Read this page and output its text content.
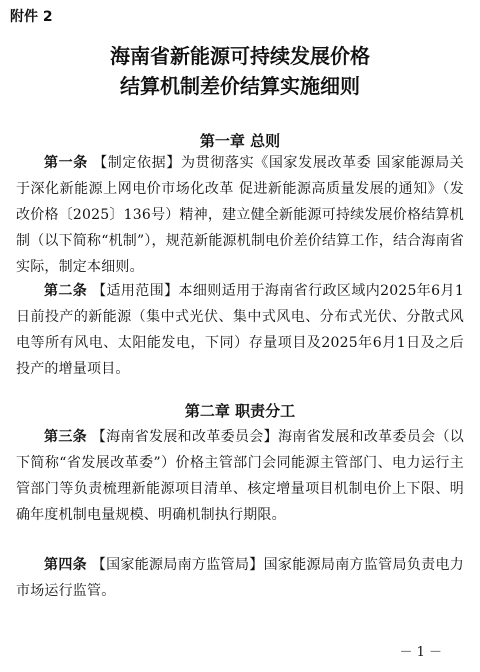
附件 2
海南省新能源可持续发展价格
结算机制差价结算实施细则
第一章 总则
第一条 【制定依据】为贯彻落实《国家发展改革委 国家能源局关于深化新能源上网电价市场化改革 促进新能源高质量发展的通知》（发改价格〔2025〕136号）精神，建立健全新能源可持续发展价格结算机制（以下简称“机制”），规范新能源机制电价差价结算工作，结合海南省实际，制定本细则。
第二条 【适用范围】本细则适用于海南省行政区域内2025年6月1日前投产的新能源（集中式光伏、集中式风电、分布式光伏、分散式风电等所有风电、太阳能发电，下同）存量项目及2025年6月1日及之后投产的增量项目。
第二章 职责分工
第三条 【海南省发展和改革委员会】海南省发展和改革委员会（以下简称“省发展改革委”）价格主管部门会同能源主管部门、电力运行主管部门等负责梳理新能源项目清单、核定增量项目机制电价上下限、明确年度机制电量规模、明确机制执行期限。
第四条 【国家能源局南方监管局】国家能源局南方监管局负责电力市场运行监管。
－ 1 －
